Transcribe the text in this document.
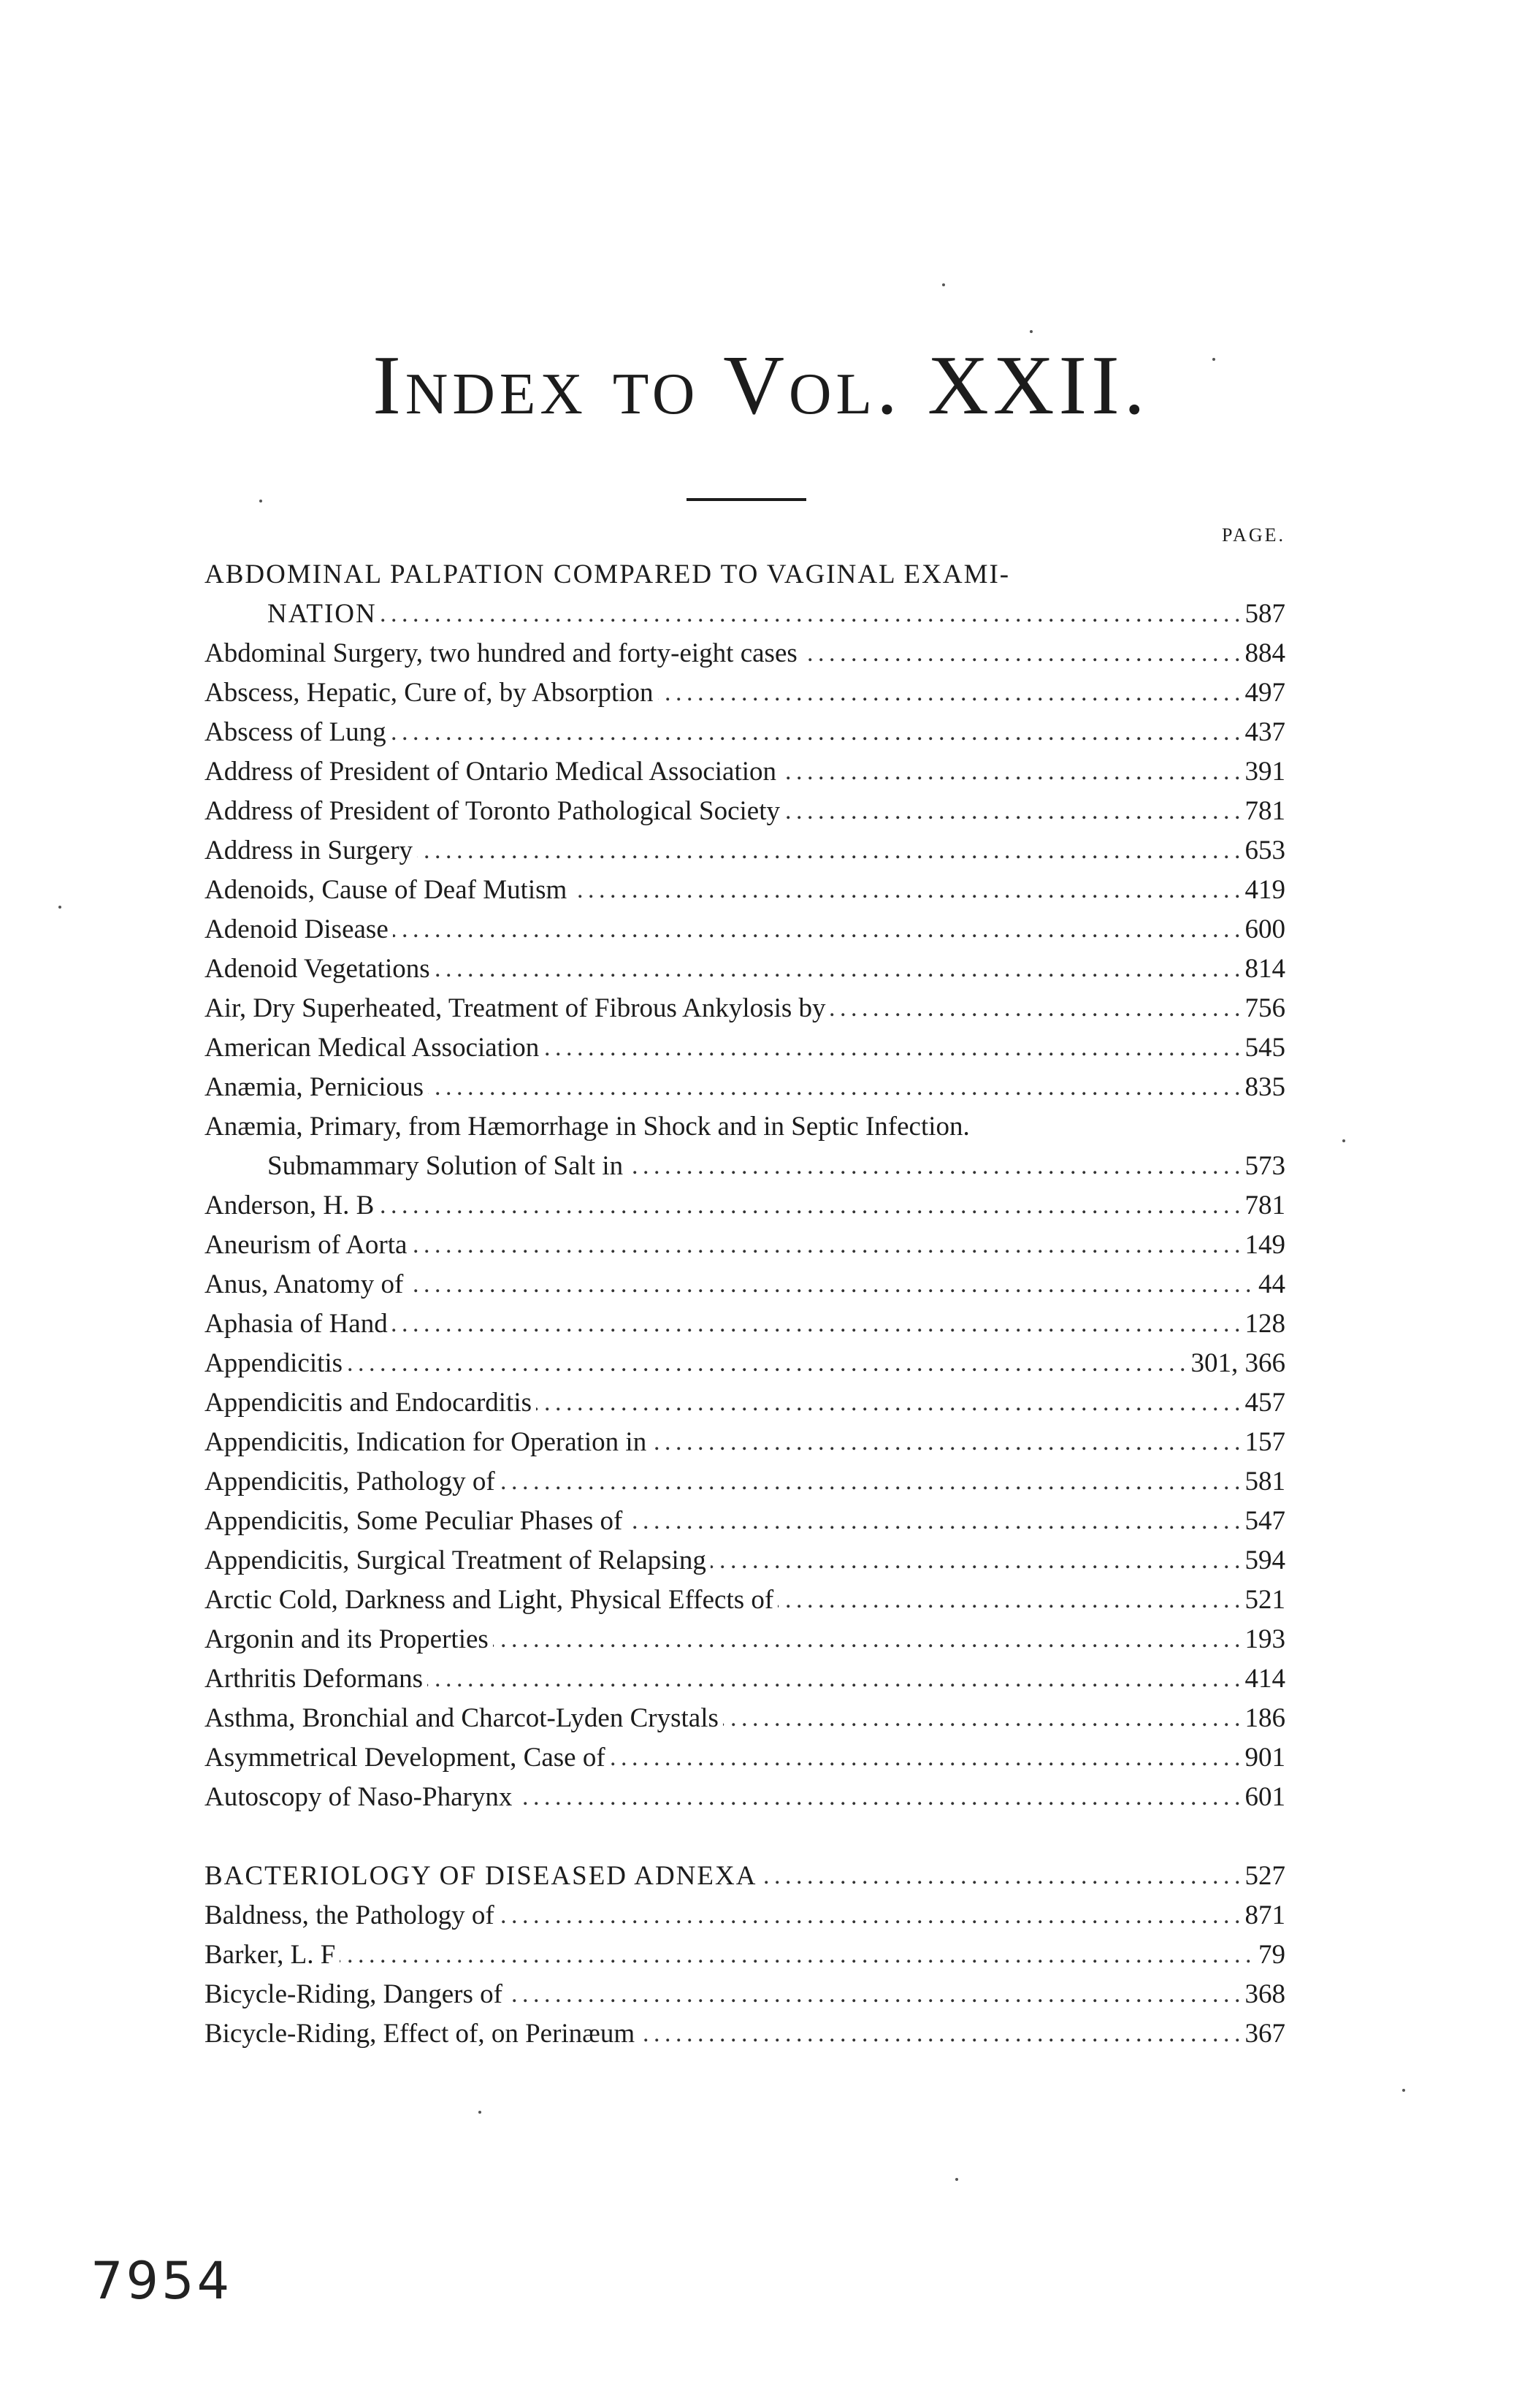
Index to Vol. XXII.
PAGE.
ABDOMINAL PALPATION COMPARED TO VAGINAL EXAMI-
. . . NATION	587
. . . Abdominal Surgery, two hundred and forty-eight cases	884
. . . Abscess, Hepatic, Cure of, by Absorption	497
. . . Abscess of Lung	437
. . . Address of President of Ontario Medical Association	391
. . . Address of President of Toronto Pathological Society	781
. . . Address in Surgery	653
. . . Adenoids, Cause of Deaf Mutism	419
. . . Adenoid Disease	600
. . . Adenoid Vegetations	814
. . . Air, Dry Superheated, Treatment of Fibrous Ankylosis by	756
. . . American Medical Association	545
. . . Anæmia, Pernicious	835
Anæmia, Primary, from Hæmorrhage in Shock and in Septic Infection.
. . . Submammary Solution of Salt in	573
. . . Anderson, H. B	781
. . . Aneurism of Aorta	149
. . . Anus, Anatomy of	44
. . . Aphasia of Hand	128
. . . Appendicitis	301, 366
. . . Appendicitis and Endocarditis	457
. . . Appendicitis, Indication for Operation in	157
. . . Appendicitis, Pathology of	581
. . . Appendicitis, Some Peculiar Phases of	547
. . . Appendicitis, Surgical Treatment of Relapsing	594
. . . Arctic Cold, Darkness and Light, Physical Effects of	521
. . . Argonin and its Properties	193
. . . Arthritis Deformans	414
. . . Asthma, Bronchial and Charcot-Lyden Crystals	186
. . . Asymmetrical Development, Case of	901
. . . Autoscopy of Naso-Pharynx	601
. . . BACTERIOLOGY OF DISEASED ADNEXA	527
. . . Baldness, the Pathology of	871
. . . Barker, L. F	79
. . . Bicycle-Riding, Dangers of	368
. . . Bicycle-Riding, Effect of, on Perinæum	367
7954
